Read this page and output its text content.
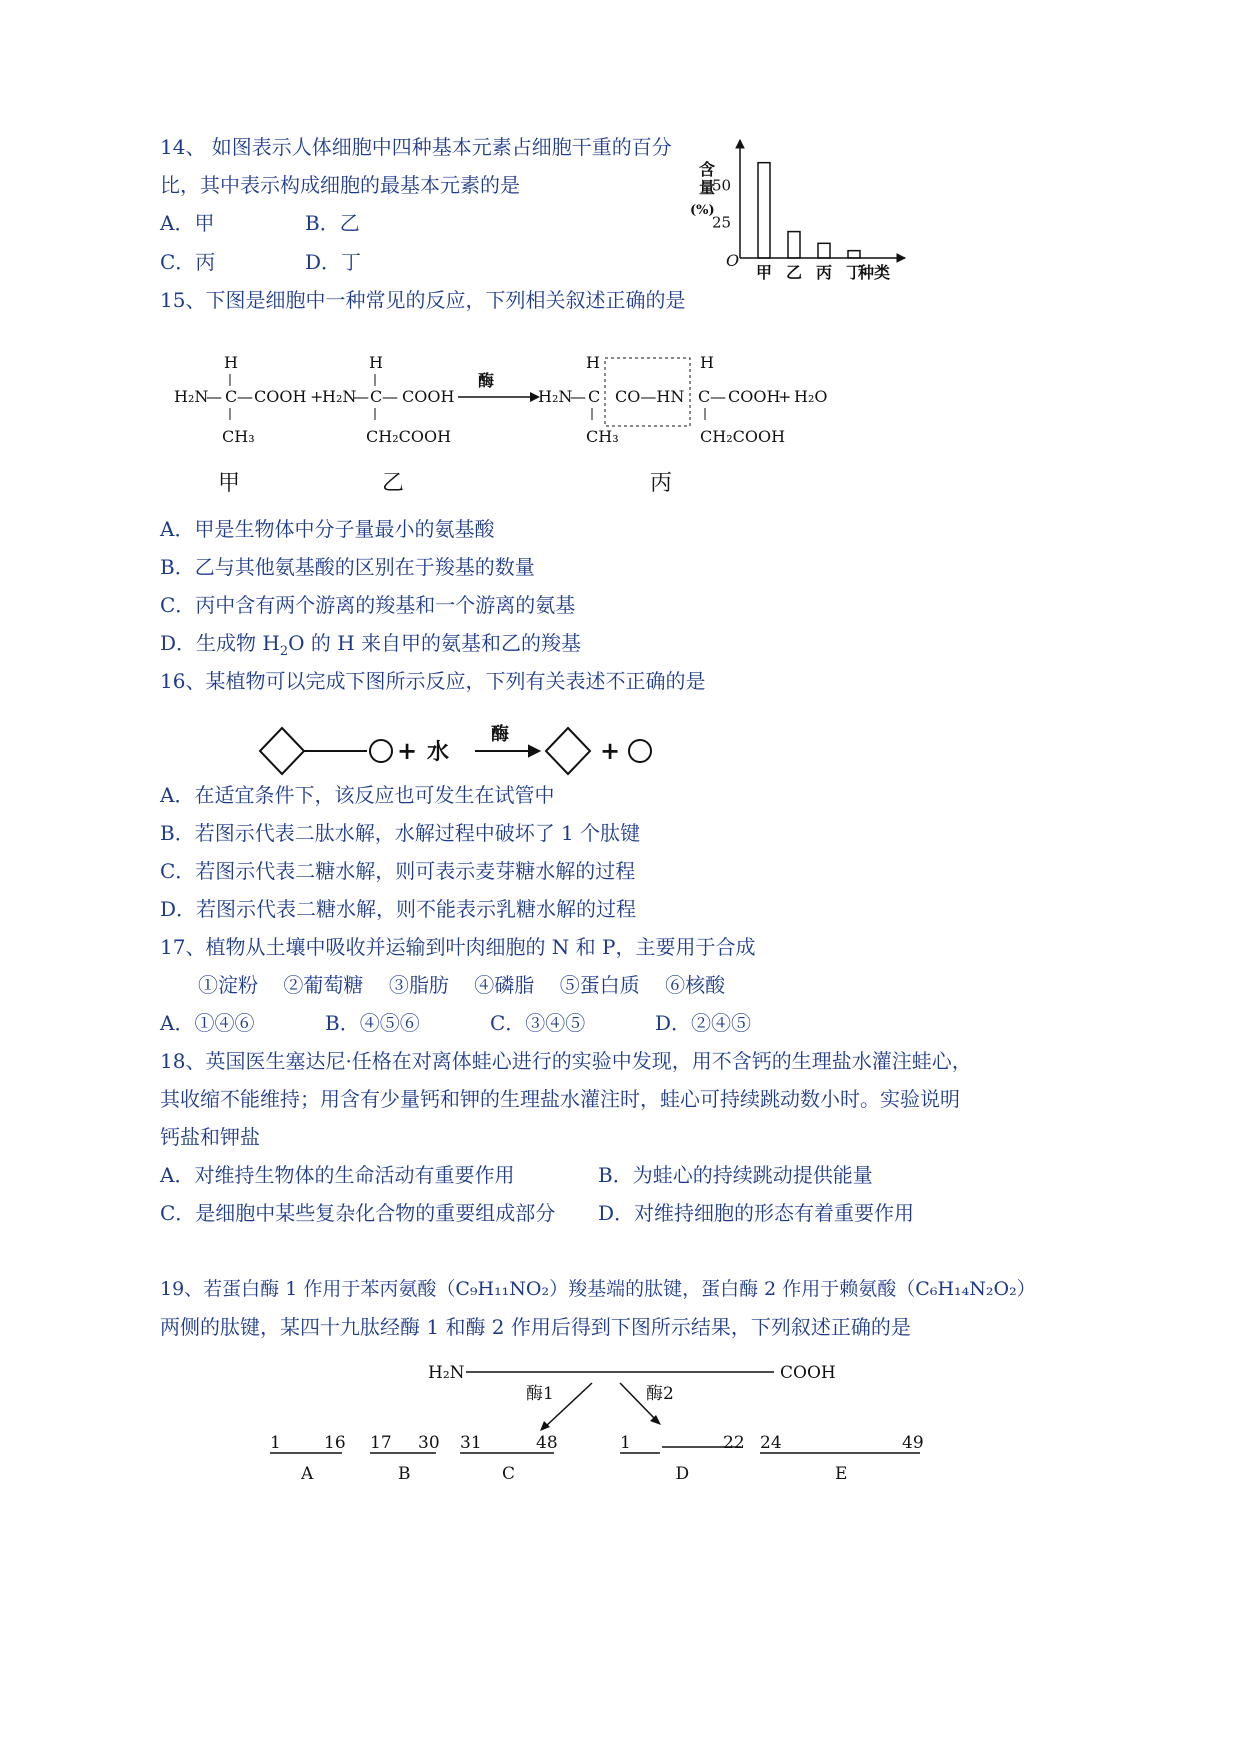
14、 如图表示人体细胞中四种基本元素占细胞干重的百分
比，其中表示构成细胞的最基本元素的是
A．甲	B．乙
C．丙	D．丁	O
50
25
含
量
(%)
甲 乙 丙 丁
种类
15、下图是细胞中一种常见的反应，下列相关叙述正确的是
H
H₂N
— C — COOH
CH₃
+
H
H₂N
— C — COOH
CH₂COOH
酶
H	H
H₂N
— C CO—HN C — COOH
+ H₂O
CH₃	CH₂COOH
甲	乙	丙
A．甲是生物体中分子量最小的氨基酸
B．乙与其他氨基酸的区别在于羧基的数量
C．丙中含有两个游离的羧基和一个游离的氨基
D．生成物 $H_2O$ 的 H 来自甲的氨基和乙的羧基
16、某植物可以完成下图所示反应，下列有关表述不正确的是
+ 水
酶
+
A．在适宜条件下，该反应也可发生在试管中
B．若图示代表二肽水解，水解过程中破坏了 1 个肽键
C．若图示代表二糖水解，则可表示麦芽糖水解的过程
D．若图示代表二糖水解，则不能表示乳糖水解的过程
17、植物从土壤中吸收并运输到叶肉细胞的 N 和 P，主要用于合成
①淀粉    ②葡萄糖    ③脂肪    ④磷脂    ⑤蛋白质    ⑥核酸
A．①④⑥	B．④⑤⑥	C．③④⑤	D．②④⑤
18、英国医生塞达尼·任格在对离体蛙心进行的实验中发现，用不含钙的生理盐水灌注蛙心，
其收缩不能维持；用含有少量钙和钾的生理盐水灌注时，蛙心可持续跳动数小时。实验说明
钙盐和钾盐
A．对维持生物体的生命活动有重要作用	B．为蛙心的持续跳动提供能量
C．是细胞中某些复杂化合物的重要组成部分 D．对维持细胞的形态有着重要作用
19、若蛋白酶 1 作用于苯丙氨酸（C₉H₁₁NO₂）羧基端的肽键，蛋白酶 2 作用于赖氨酸（C₆H₁₄N₂O₂）
两侧的肽键，某四十九肽经酶 1 和酶 2 作用后得到下图所示结果，下列叙述正确的是
H₂N	COOH
酶1	酶2
1	16
A
17 30
B
31	48
C
1	22
D
24	49
E
